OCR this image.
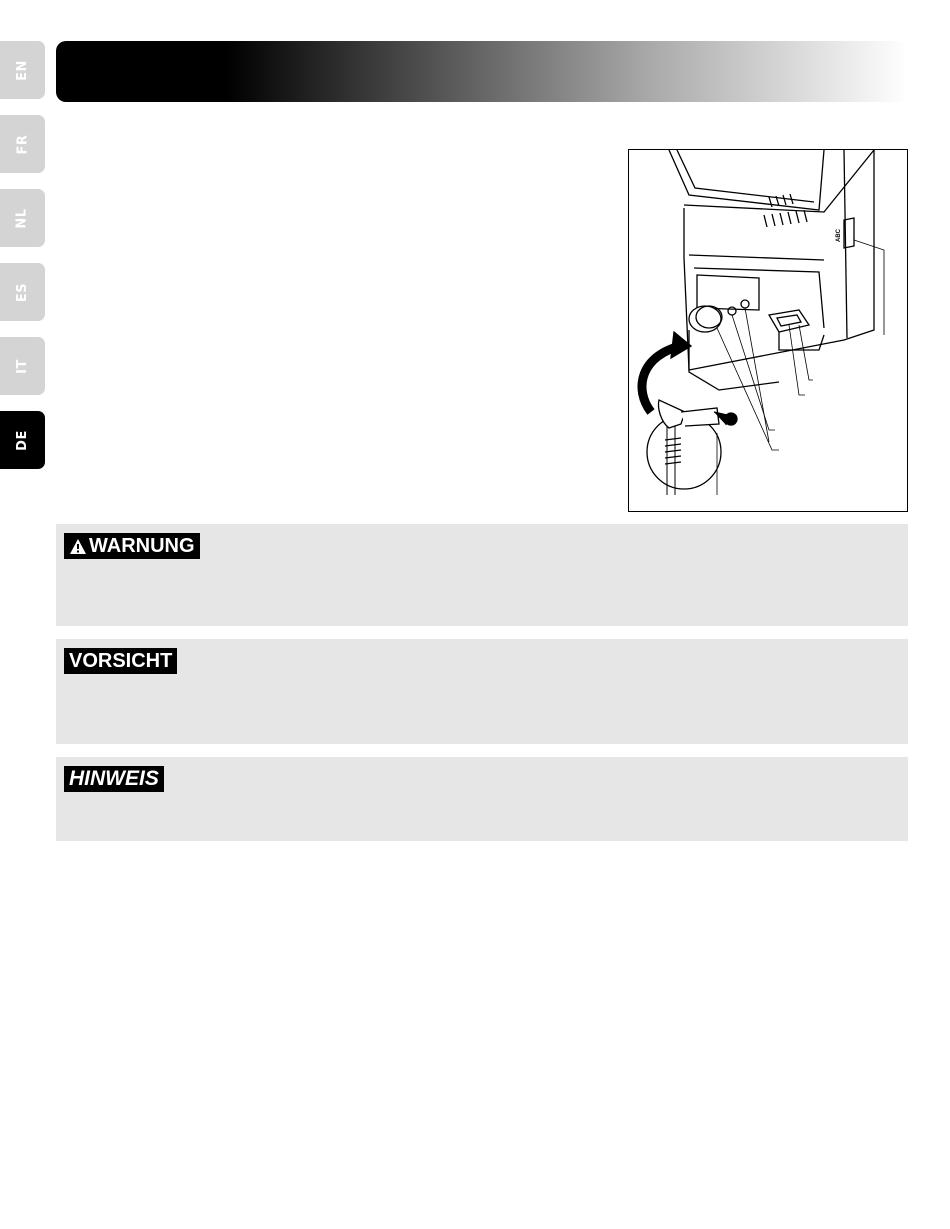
EN
FR
NL
ES
IT
DE
ABC
WARNUNG
VORSICHT
HINWEIS
